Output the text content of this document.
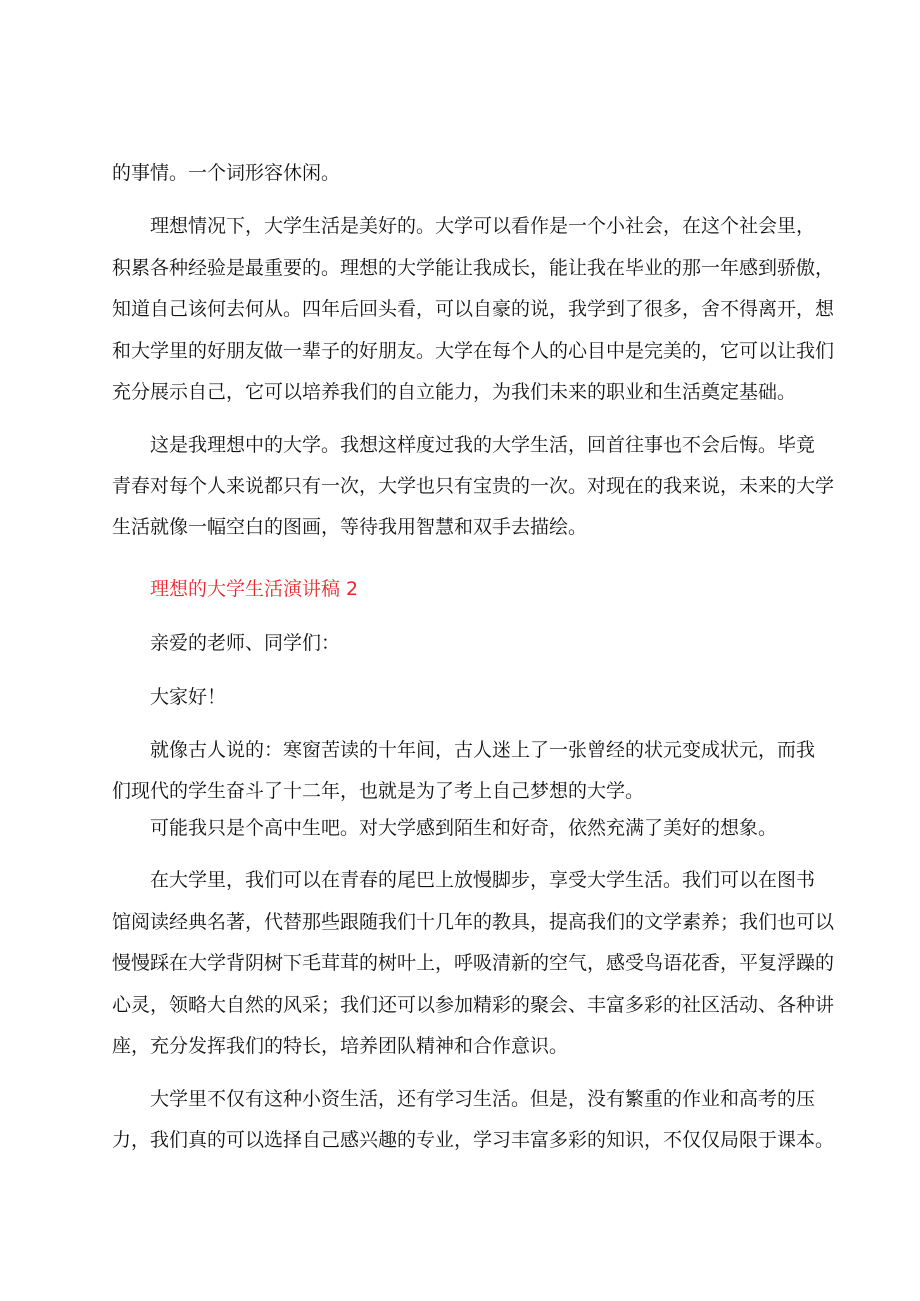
的事情。一个词形容休闲。
理想情况下，大学生活是美好的。大学可以看作是一个小社会，在这个社会里，
积累各种经验是最重要的。理想的大学能让我成长，能让我在毕业的那一年感到骄傲，
知道自己该何去何从。四年后回头看，可以自豪的说，我学到了很多，舍不得离开，想
和大学里的好朋友做一辈子的好朋友。大学在每个人的心目中是完美的，它可以让我们
充分展示自己，它可以培养我们的自立能力，为我们未来的职业和生活奠定基础。
这是我理想中的大学。我想这样度过我的大学生活，回首往事也不会后悔。毕竟
青春对每个人来说都只有一次，大学也只有宝贵的一次。对现在的我来说，未来的大学
生活就像一幅空白的图画，等待我用智慧和双手去描绘。
理想的大学生活演讲稿 2
亲爱的老师、同学们：
大家好！
就像古人说的：寒窗苦读的十年间，古人迷上了一张曾经的状元变成状元，而我
们现代的学生奋斗了十二年，也就是为了考上自己梦想的大学。
可能我只是个高中生吧。对大学感到陌生和好奇，依然充满了美好的想象。
在大学里，我们可以在青春的尾巴上放慢脚步，享受大学生活。我们可以在图书
馆阅读经典名著，代替那些跟随我们十几年的教具，提高我们的文学素养；我们也可以
慢慢踩在大学背阴树下毛茸茸的树叶上，呼吸清新的空气，感受鸟语花香，平复浮躁的
心灵，领略大自然的风采；我们还可以参加精彩的聚会、丰富多彩的社区活动、各种讲
座，充分发挥我们的特长，培养团队精神和合作意识。
大学里不仅有这种小资生活，还有学习生活。但是，没有繁重的作业和高考的压
力，我们真的可以选择自己感兴趣的专业，学习丰富多彩的知识，不仅仅局限于课本。
